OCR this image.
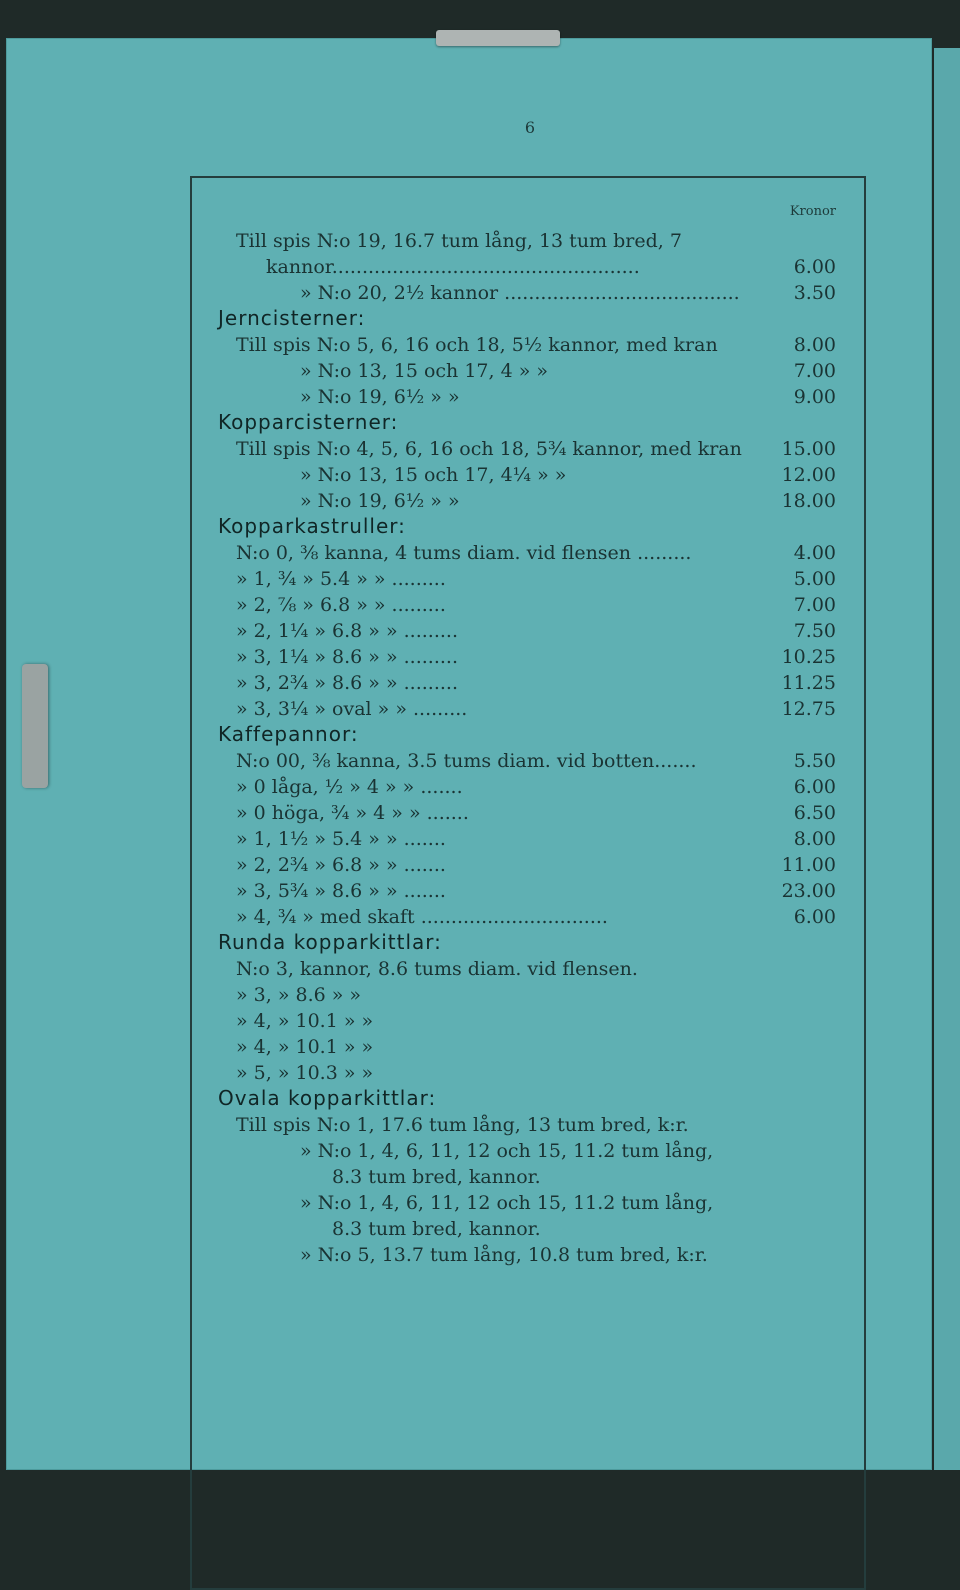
6
Kronor
Jerncisterner:
Kopparcisterner:
Kopparkastruller:
Kaffepannor:
Runda kopparkittlar:
Ovala kopparkittlar:
Till spis N:o 19, 16.7 tum lång, 13 tum bred, 7
kannor...................................................	6.00
» N:o 20, 2½ kannor .......................................	3.50
Till spis N:o 5, 6, 16 och 18, 5½ kannor, med kran	8.00
» N:o 13, 15 och 17, 4 » »	7.00
» N:o 19, 6½ » »	9.00
Till spis N:o 4, 5, 6, 16 och 18, 5¾ kannor, med kran 15.00
» N:o 13, 15 och 17, 4¼ » »	12.00
» N:o 19, 6½ » »	18.00
N:o 0, ⅜ kanna, 4 tums diam. vid flensen .........	4.00
» 1, ¾ » 5.4 » » .........	5.00
» 2, ⅞ » 6.8 » » .........	7.00
» 2, 1¼ » 6.8 » » .........	7.50
» 3, 1¼ » 8.6 » » .........	10.25
» 3, 2¾ » 8.6 » » .........	11.25
» 3, 3¼ » oval » » .........	12.75
N:o 00, ⅜ kanna, 3.5 tums diam. vid botten.......	5.50
» 0 låga, ½ » 4 » » .......	6.00
» 0 höga, ¾ » 4 » » .......	6.50
» 1, 1½ » 5.4 » » .......	8.00
» 2, 2¾ » 6.8 » » .......	11.00
» 3, 5¾ » 8.6 » » .......	23.00
» 4, ¾ » med skaft ...............................	6.00
N:o 3, kannor, 8.6 tums diam. vid flensen.
» 3, » 8.6 » »
» 4, » 10.1 » »
» 4, » 10.1 » »
» 5, » 10.3 » »
Till spis N:o 1, 17.6 tum lång, 13 tum bred, k:r.
» N:o 1, 4, 6, 11, 12 och 15, 11.2 tum lång,
8.3 tum bred, kannor.
» N:o 1, 4, 6, 11, 12 och 15, 11.2 tum lång,
8.3 tum bred, kannor.
» N:o 5, 13.7 tum lång, 10.8 tum bred, k:r.
